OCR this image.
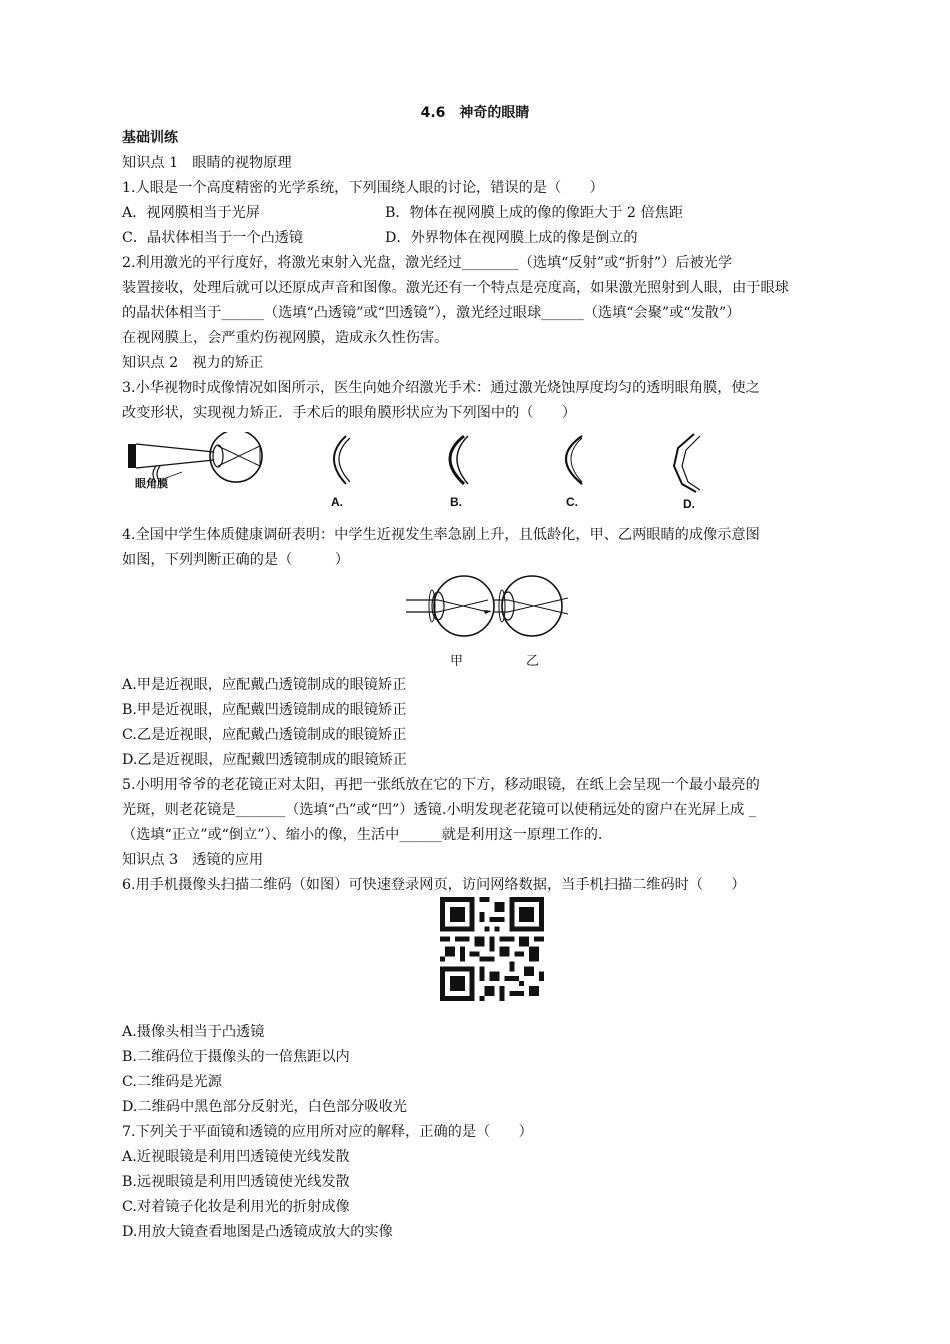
4.6　神奇的眼睛
基础训练
知识点 1　眼睛的视物原理
1.人眼是一个高度精密的光学系统，下列围绕人眼的讨论，错误的是（　　）
A．视网膜相当于光屏	B．物体在视网膜上成的像的像距大于 2 倍焦距
C．晶状体相当于一个凸透镜	D．外界物体在视网膜上成的像是倒立的
2.利用激光的平行度好，将激光束射入光盘，激光经过________（选填“反射”或“折射”）后被光学
装置接收，处理后就可以还原成声音和图像。激光还有一个特点是亮度高，如果激光照射到人眼，由于眼球
的晶状体相当于______（选填“凸透镜”或“凹透镜”），激光经过眼球______（选填“会聚”或“发散”）
在视网膜上，会严重灼伤视网膜，造成永久性伤害。
知识点 2　视力的矫正
3.小华视物时成像情况如图所示，医生向她介绍激光手术：通过激光烧蚀厚度均匀的透明眼角膜，使之
改变形状，实现视力矫正．手术后的眼角膜形状应为下列图中的（　　）
眼角膜
A.	B.	C.	D.
4.全国中学生体质健康调研表明：中学生近视发生率急剧上升，且低龄化，甲、乙两眼睛的成像示意图
如图，下列判断正确的是（　　　）
甲	乙
A.甲是近视眼，应配戴凸透镜制成的眼镜矫正
B.甲是近视眼，应配戴凹透镜制成的眼镜矫正
C.乙是近视眼，应配戴凸透镜制成的眼镜矫正
D.乙是近视眼，应配戴凹透镜制成的眼镜矫正
5.小明用爷爷的老花镜正对太阳，再把一张纸放在它的下方，移动眼镜，在纸上会呈现一个最小最亮的
光斑，则老花镜是_______（选填“凸”或“凹”）透镜.小明发现老花镜可以使稍远处的窗户在光屏上成 _
（选填“正立”或“倒立”）、缩小的像，生活中______就是利用这一原理工作的.
知识点 3　透镜的应用
6.用手机摄像头扫描二维码（如图）可快速登录网页，访问网络数据，当手机扫描二维码时（　　）
A.摄像头相当于凸透镜
B.二维码位于摄像头的一倍焦距以内
C.二维码是光源
D.二维码中黑色部分反射光，白色部分吸收光
7.下列关于平面镜和透镜的应用所对应的解释，正确的是（　　）
A.近视眼镜是利用凹透镜使光线发散
B.远视眼镜是利用凹透镜使光线发散
C.对着镜子化妆是利用光的折射成像
D.用放大镜查看地图是凸透镜成放大的实像
